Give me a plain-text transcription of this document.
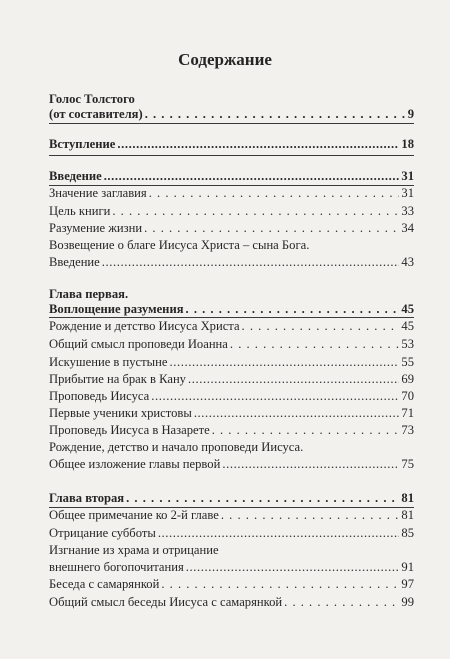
Содержание
Голос Толстого
(от составителя) . . .	9
Вступление .....	18
Введение .....	31
Значение заглавия . . .	31
Цель книги . . .	33
Разумение жизни . . .	34
Возвещение о благе Иисуса Христа – сына Бога.
Введение .....	43
Глава первая.
Воплощение разумения . . .	45
Рождение и детство Иисуса Христа . . .	45
Общий смысл проповеди Иоанна . . .	53
Искушение в пустыне .....	55
Прибытие на брак в Кану .....	69
Проповедь Иисуса .....	70
Первые ученики христовы .....	71
Проповедь Иисуса в Назарете . . .	73
Рождение, детство и начало проповеди Иисуса.
Общее изложение главы первой .....	75
Глава вторая . . .	81
Общее примечание ко 2-й главе . . .	81
Отрицание субботы .....	85
Изгнание из храма и отрицание
внешнего богопочитания .....	91
Беседа с самарянкой . . .	97
Общий смысл беседы Иисуса с самарянкой . . .	99
